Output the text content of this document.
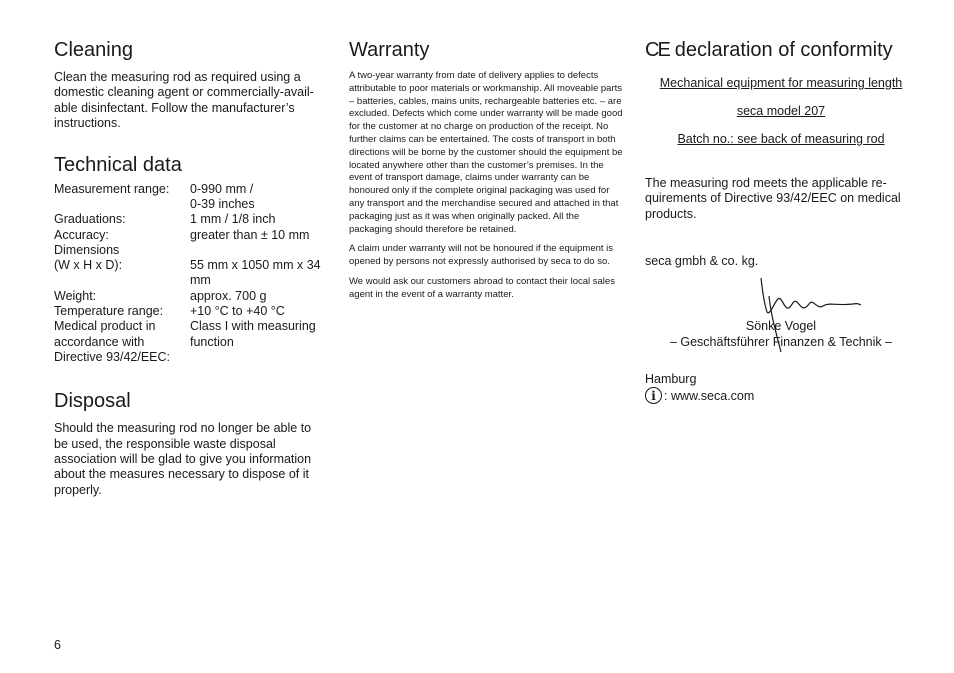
Cleaning

Clean the measuring rod as required using a domestic cleaning agent or commercially-avail-able disinfectant. Follow the manufacturer’s instructions.

Technical data
Measurement range:	0-990 mm /
	0-39 inches
Graduations:	1 mm / 1/8 inch
Accuracy:	greater than ± 10 mm
Dimensions	
(W x H x D):	55 mm x 1050 mm x 34 mm
Weight:	approx. 700 g
Temperature range:	+10 °C to +40 °C
Medical product in accordance with Directive 93/42/EEC:	Class I with measuring function
Disposal

Should the measuring rod no longer be able to be used, the responsible waste disposal association will be glad to give you information about the measures necessary to dispose of it properly.

Warranty

A two-year warranty from date of delivery applies to defects attributable to poor materials or workmanship. All moveable parts – batteries, cables, mains units, rechargeable batteries etc. – are excluded. Defects which come under warranty will be made good for the customer at no charge on production of the receipt. No further claims can be entertained. The costs of transport in both directions will be borne by the customer should the equipment be located anywhere other than the customer’s premises. In the event of transport damage, claims under warranty can be honoured only if the complete original packaging was used for any transport and the merchandise secured and attached in that packaging just as it was when originally packed. All the packaging should therefore be retained.

A claim under warranty will not be honoured if the equipment is opened by persons not expressly authorised by seca to do so.

We would ask our customers abroad to contact their local sales agent in the event of a warranty matter.

CE declaration of conformity

Mechanical equipment for measuring length

seca model 207

Batch no.: see back of measuring rod

The measuring rod meets the applicable re-quirements of Directive 93/42/EEC on medical products.

seca gmbh & co. kg.

Sönke Vogel
– Geschäftsführer Finanzen & Technik –

Hamburg

i : www.seca.com
6
